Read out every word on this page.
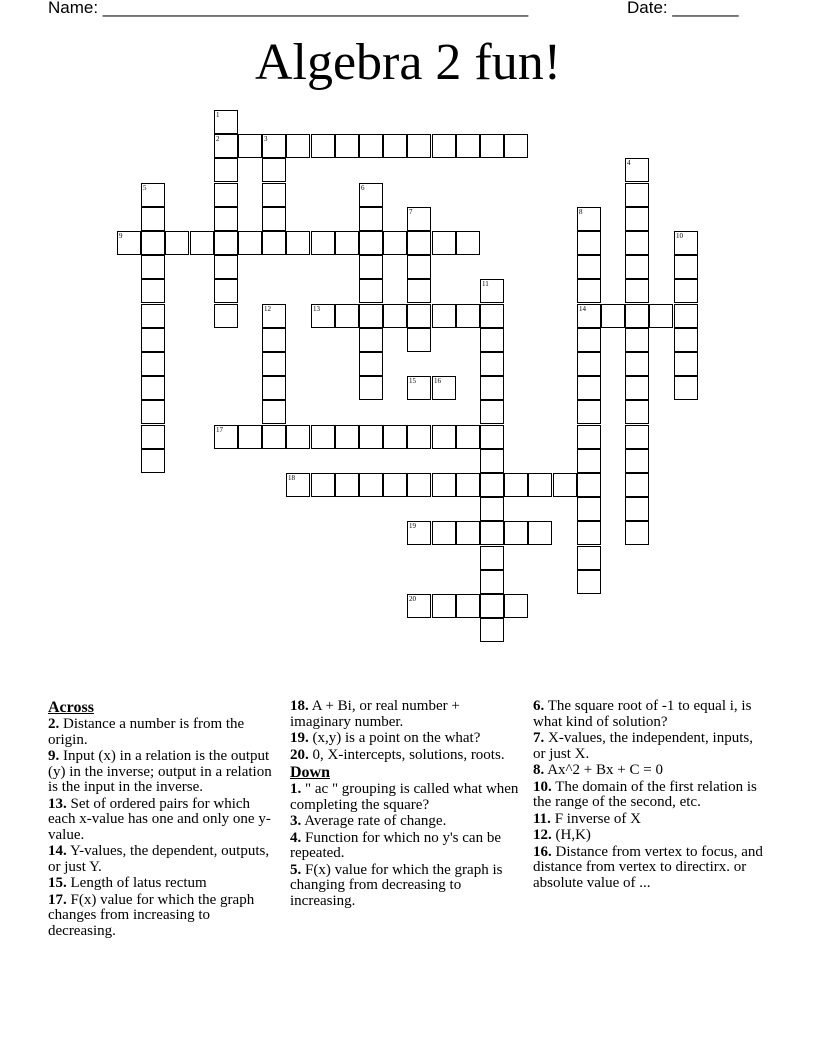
Name: _____________________________________________	Date: _______
Algebra 2 fun!
1
2	3
4
5	6
7	8
14
9	10
11
12	13
15	16
17
18
19
20
Across
2. Distance a number is from the origin.
9. Input (x) in a relation is the output (y) in the inverse; output in a relation is the input in the inverse.
13. Set of ordered pairs for which each x-value has one and only one y-value.
14. Y-values, the dependent, outputs, or just Y.
15. Length of latus rectum
17. F(x) value for which the graph changes from increasing to decreasing.
18. A + Bi, or real number + imaginary number.
19. (x,y) is a point on the what?
20. 0, X-intercepts, solutions, roots.
Down
1. " ac " grouping is called what when completing the square?
3. Average rate of change.
4. Function for which no y's can be repeated.
5. F(x) value for which the graph is changing from decreasing to increasing.
6. The square root of -1 to equal i, is what kind of solution?
7. X-values, the independent, inputs, or just X.
8. Ax^2 + Bx + C = 0
10. The domain of the first relation is the range of the second, etc.
11. F inverse of X
12. (H,K)
16. Distance from vertex to focus, and distance from vertex to directirx. or absolute value of ...
